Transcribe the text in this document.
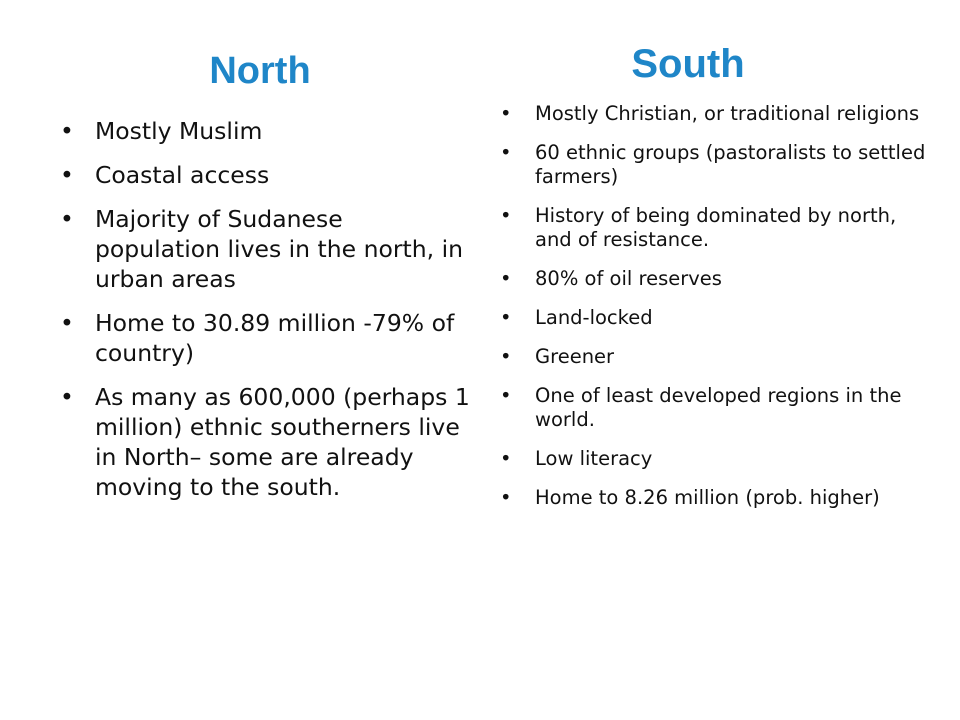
North
• Mostly Muslim
• Coastal access
• Majority of Sudanese population lives in the north, in urban areas
• Home to 30.89 million -79% of country)
• As many as 600,000 (perhaps 1 million) ethnic southerners live in North– some are already moving to the south.
South
• Mostly Christian, or traditional religions
• 60 ethnic groups (pastoralists to settled farmers)
• History of being dominated by north, and of resistance.
• 80% of oil reserves
• Land-locked
• Greener
• One of least developed regions in the world.
• Low literacy
• Home to 8.26 million (prob. higher)
